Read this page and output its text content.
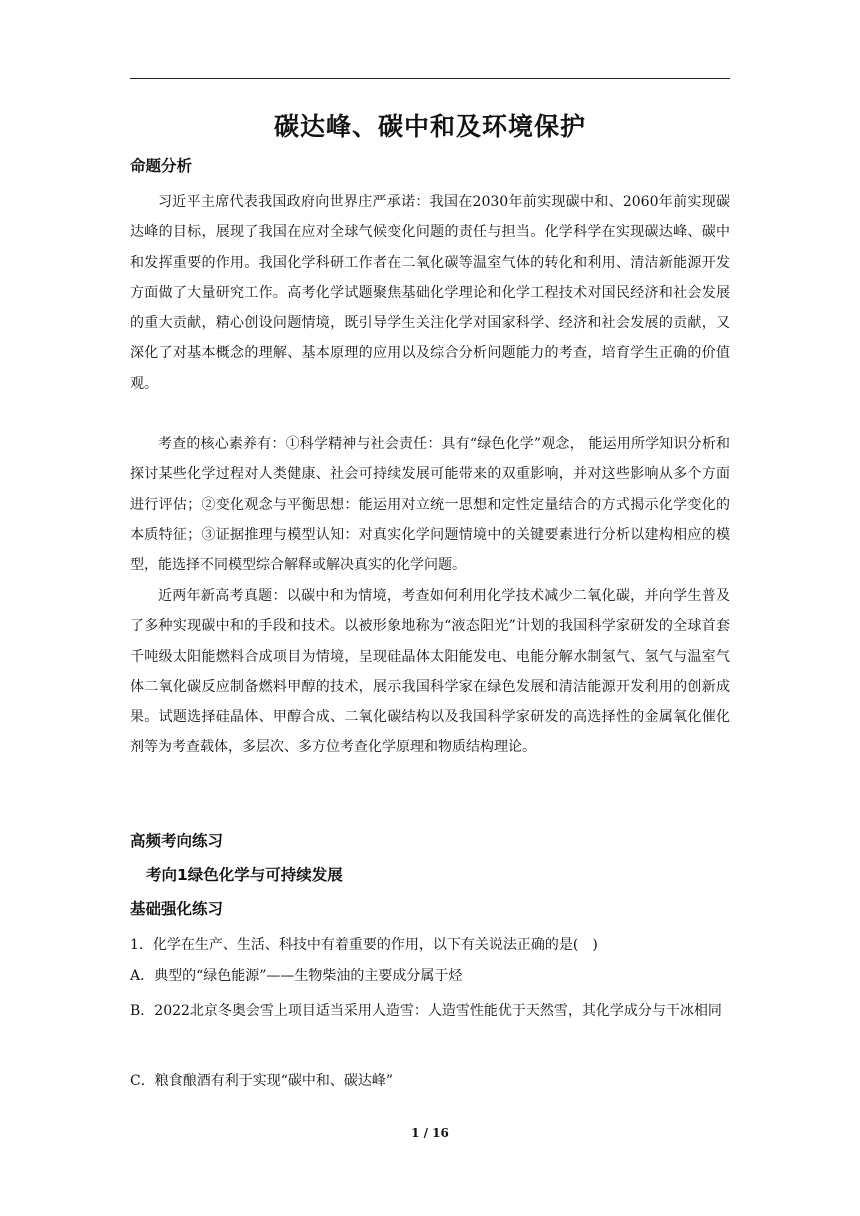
碳达峰、碳中和及环境保护
命题分析

习近平主席代表我国政府向世界庄严承诺：我国在2030年前实现碳中和、2060年前实现碳达峰的目标，展现了我国在应对全球气候变化问题的责任与担当。化学科学在实现碳达峰、碳中和发挥重要的作用。我国化学科研工作者在二氧化碳等温室气体的转化和利用、清洁新能源开发方面做了大量研究工作。高考化学试题聚焦基础化学理论和化学工程技术对国民经济和社会发展的重大贡献，精心创设问题情境，既引导学生关注化学对国家科学、经济和社会发展的贡献，又深化了对基本概念的理解、基本原理的应用以及综合分析问题能力的考查，培育学生正确的价值观。

考查的核心素养有：①科学精神与社会责任：具有“绿色化学”观念， 能运用所学知识分析和探讨某些化学过程对人类健康、社会可持续发展可能带来的双重影响，并对这些影响从多个方面进行评估；②变化观念与平衡思想：能运用对立统一思想和定性定量结合的方式揭示化学变化的本质特征；③证据推理与模型认知：对真实化学问题情境中的关键要素进行分析以建构相应的模型，能选择不同模型综合解释或解决真实的化学问题。

近两年新高考真题：以碳中和为情境，考查如何利用化学技术减少二氧化碳，并向学生普及了多种实现碳中和的手段和技术。以被形象地称为“液态阳光”计划的我国科学家研发的全球首套千吨级太阳能燃料合成项目为情境，呈现硅晶体太阳能发电、电能分解水制氢气、氢气与温室气体二氧化碳反应制备燃料甲醇的技术，展示我国科学家在绿色发展和清洁能源开发利用的创新成果。试题选择硅晶体、甲醇合成、二氧化碳结构以及我国科学家研发的高选择性的金属氧化催化剂等为考查载体，多层次、多方位考查化学原理和物质结构理论。

高频考向练习
考向1绿色化学与可持续发展
基础强化练习

1．化学在生产、生活、科技中有着重要的作用，以下有关说法正确的是(　)

A．典型的“绿色能源”——生物柴油的主要成分属于烃

B．2022北京冬奥会雪上项目适当采用人造雪：人造雪性能优于天然雪，其化学成分与干冰相同

C．粮食酿酒有利于实现“碳中和、碳达峰”

1 / 16
